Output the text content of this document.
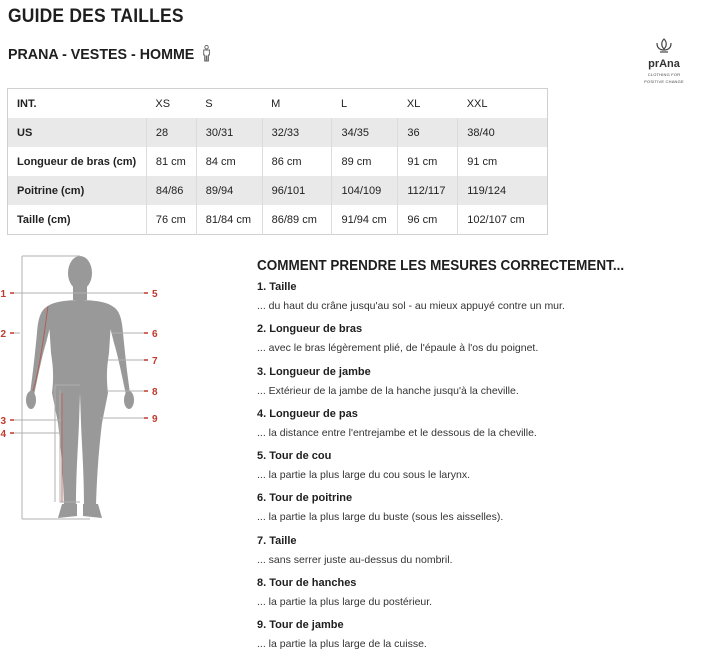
GUIDE DES TAILLES
PRANA - VESTES - HOMME
prAna
CLOTHING FOR
POSITIVE CHANGE
INT.	XS	S	M	L	XL	XXL
US	28	30/31	32/33	34/35	36	38/40
Longueur de bras (cm)	81 cm	84 cm	86 cm	89 cm	91 cm	91 cm
Poitrine (cm)	84/86	89/94	96/101	104/109	112/117	119/124
Taille (cm)	76 cm	81/84 cm	86/89 cm	91/94 cm	96 cm	102/107 cm
1
2
3
4
5
6
7
8
9
COMMENT PRENDRE LES MESURES CORRECTEMENT...
1. Taille
... du haut du crâne jusqu'au sol - au mieux appuyé contre un mur.
2. Longueur de bras
... avec le bras légèrement plié, de l'épaule à l'os du poignet.
3. Longueur de jambe
... Extérieur de la jambe de la hanche jusqu'à la cheville.
4. Longueur de pas
... la distance entre l'entrejambe et le dessous de la cheville.
5. Tour de cou
... la partie la plus large du cou sous le larynx.
6. Tour de poitrine
... la partie la plus large du buste (sous les aisselles).
7. Taille
... sans serrer juste au-dessus du nombril.
8. Tour de hanches
... la partie la plus large du postérieur.
9. Tour de jambe
... la partie la plus large de la cuisse.
